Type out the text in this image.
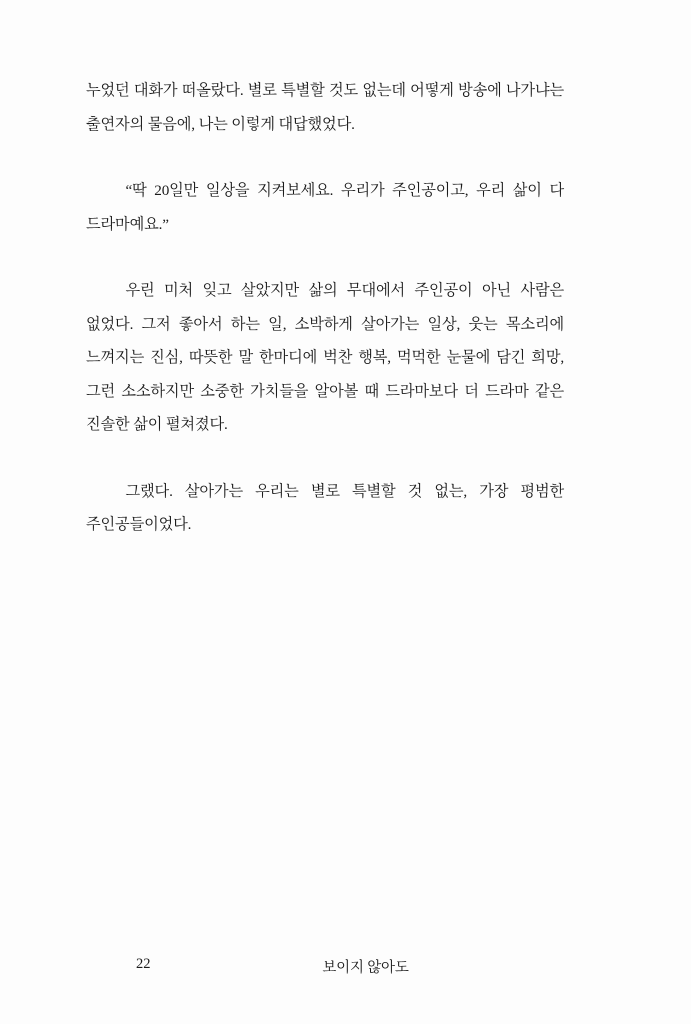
누었던 대화가 떠올랐다. 별로 특별할 것도 없는데 어떻게 방송에 나가냐는 출연자의 물음에, 나는 이렇게 대답했었다.

“딱 20일만 일상을 지켜보세요. 우리가 주인공이고, 우리 삶이 다 드라마예요.”

우린 미처 잊고 살았지만 삶의 무대에서 주인공이 아닌 사람은 없었다. 그저 좋아서 하는 일, 소박하게 살아가는 일상, 웃는 목소리에 느껴지는 진심, 따뜻한 말 한마디에 벅찬 행복, 먹먹한 눈물에 담긴 희망, 그런 소소하지만 소중한 가치들을 알아볼 때 드라마보다 더 드라마 같은 진솔한 삶이 펼쳐졌다.

그랬다. 살아가는 우리는 별로 특별할 것 없는, 가장 평범한 주인공들이었다.

22	보이지 않아도
